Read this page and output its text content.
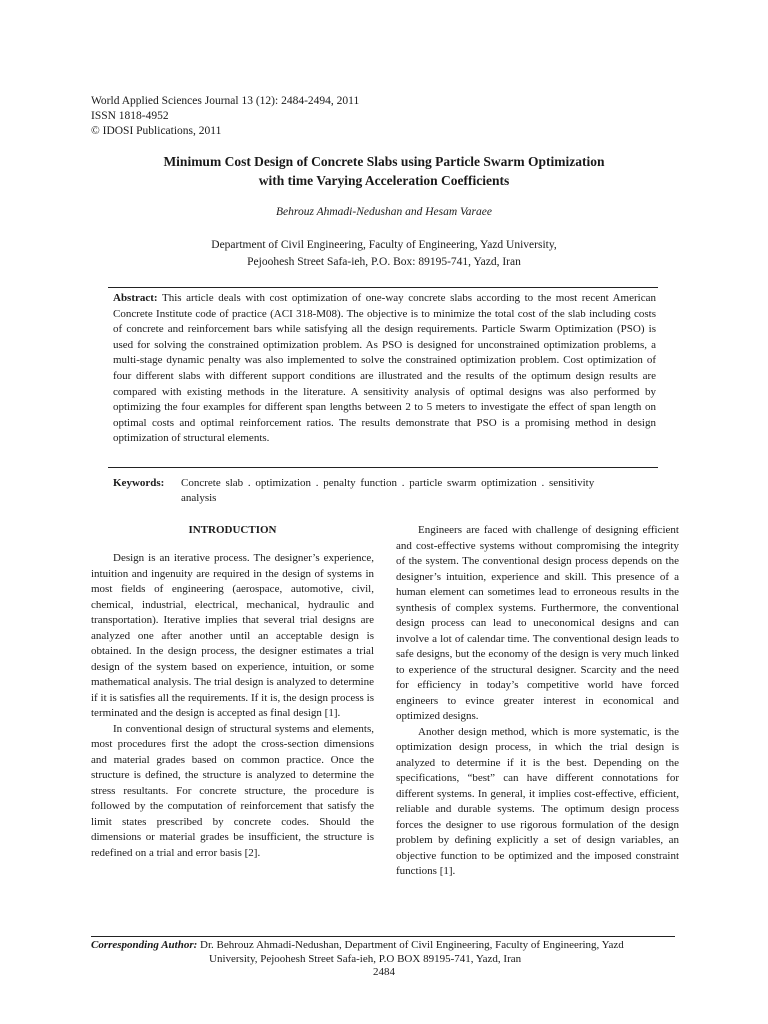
World Applied Sciences Journal 13 (12): 2484-2494, 2011
ISSN 1818-4952
© IDOSI Publications, 2011
Minimum Cost Design of Concrete Slabs using Particle Swarm Optimization
with time Varying Acceleration Coefficients
Behrouz Ahmadi-Nedushan and Hesam Varaee
Department of Civil Engineering, Faculty of Engineering, Yazd University,
Pejoohesh Street Safa-ieh, P.O. Box: 89195-741, Yazd, Iran
Abstract: This article deals with cost optimization of one-way concrete slabs according to the most recent American Concrete Institute code of practice (ACI 318-M08). The objective is to minimize the total cost of the slab including costs of concrete and reinforcement bars while satisfying all the design requirements. Particle Swarm Optimization (PSO) is used for solving the constrained optimization problem. As PSO is designed for unconstrained optimization problems, a multi-stage dynamic penalty was also implemented to solve the constrained optimization problem. Cost optimization of four different slabs with different support conditions are illustrated and the results of the optimum design results are compared with existing methods in the literature. A sensitivity analysis of optimal designs was also performed by optimizing the four examples for different span lengths between 2 to 5 meters to investigate the effect of span length on optimal costs and optimal reinforcement ratios. The results demonstrate that PSO is a promising method in design optimization of structural elements.
Keywords: Concrete slab . optimization . penalty function . particle swarm optimization . sensitivity
analysis
INTRODUCTION

Design is an iterative process. The designer’s experience, intuition and ingenuity are required in the design of systems in most fields of engineering (aerospace, automotive, civil, chemical, industrial, electrical, mechanical, hydraulic and transportation). Iterative implies that several trial designs are analyzed one after another until an acceptable design is obtained. In the design process, the designer estimates a trial design of the system based on experience, intuition, or some mathematical analysis. The trial design is analyzed to determine if it is satisfies all the requirements. If it is, the design process is terminated and the design is accepted as final design [1].

In conventional design of structural systems and elements, most procedures first the adopt the cross-section dimensions and material grades based on common practice. Once the structure is defined, the structure is analyzed to determine the stress resultants. For concrete structure, the procedure is followed by the computation of reinforcement that satisfy the limit states prescribed by concrete codes. Should the dimensions or material grades be insufficient, the structure is redefined on a trial and error basis [2].

Engineers are faced with challenge of designing efficient and cost-effective systems without compromising the integrity of the system. The conventional design process depends on the designer’s intuition, experience and skill. This presence of a human element can sometimes lead to erroneous results in the synthesis of complex systems. Furthermore, the conventional design process can lead to uneconomical designs and can involve a lot of calendar time. The conventional design leads to safe designs, but the economy of the design is very much linked to experience of the structural designer. Scarcity and the need for efficiency in today’s competitive world have forced engineers to evince greater interest in economical and optimized designs.

Another design method, which is more systematic, is the optimization design process, in which the trial design is analyzed to determine if it is the best. Depending on the specifications, “best” can have different connotations for different systems. In general, it implies cost-effective, efficient, reliable and durable systems. The optimum design process forces the designer to use rigorous formulation of the design problem by defining explicitly a set of design variables, an objective function to be optimized and the imposed constraint functions [1].

Corresponding Author: Dr. Behrouz Ahmadi-Nedushan, Department of Civil Engineering, Faculty of Engineering, Yazd
University, Pejoohesh Street Safa-ieh, P.O BOX 89195-741, Yazd, Iran
2484
